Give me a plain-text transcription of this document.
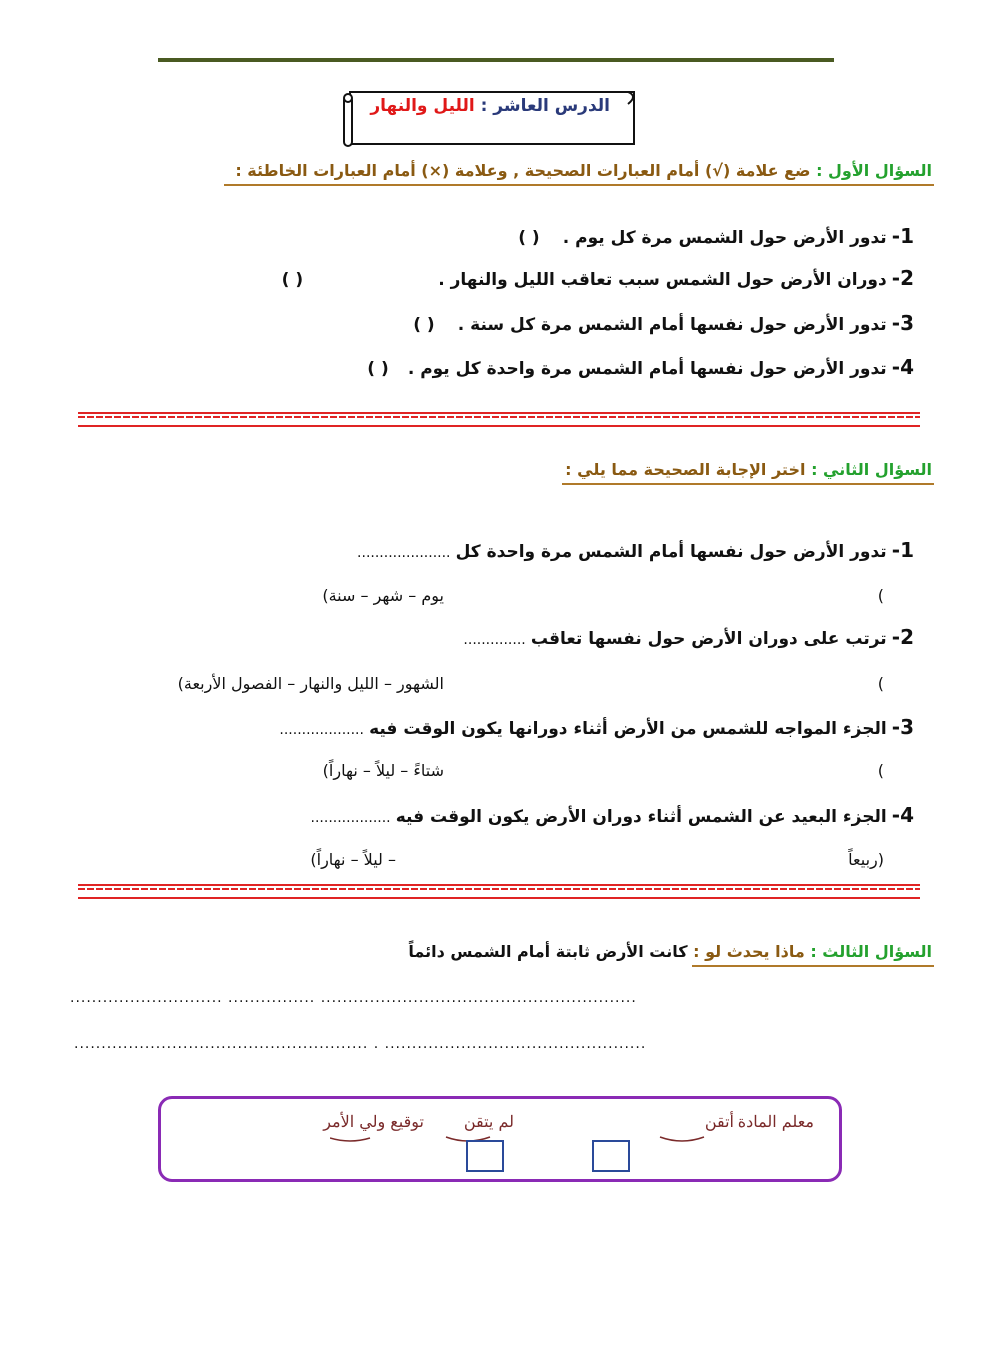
الدرس العاشر : الليل والنهار
السؤال الأول : ضع علامة (√) أمام العبارات الصحيحة , وعلامة (×) أمام العبارات الخاطئة :
1- تدور الأرض حول الشمس مرة كل يوم . ( )
2- دوران الأرض حول الشمس سبب تعاقب الليل والنهار . ( )
3- تدور الأرض حول نفسها أمام الشمس مرة كل سنة . ( )
4- تدور الأرض حول نفسها أمام الشمس مرة واحدة كل يوم . ( )
السؤال الثاني : اختر الإجابة الصحيحة مما يلي :
1- تدور الأرض حول نفسها أمام الشمس مرة واحدة كل .....................
(
يوم – شهر – سنة)
2- ترتب على دوران الأرض حول نفسها تعاقب ..............
(
الشهور – الليل والنهار – الفصول الأربعة)
3- الجزء المواجه للشمس من الأرض أثناء دورانها يكون الوقت فيه ...................
(
شتاءً – ليلاً – نهاراً)
4- الجزء البعيد عن الشمس أثناء دوران الأرض يكون الوقت فيه ..................
(ربيعاً
– ليلاً – نهاراً)
السؤال الثالث : ماذا يحدث لو : كانت الأرض ثابتة أمام الشمس دائماً
............................ ................ ..........................................................
...................................................... . ................................................
معلم المادة
أتقن
لم يتقن
توقيع ولي الأمر
